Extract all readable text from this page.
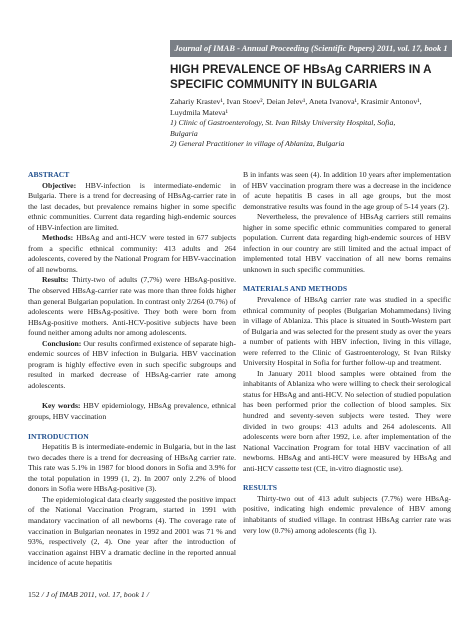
Journal of IMAB - Annual Proceeding (Scientific Papers) 2011, vol. 17, book 1
HIGH PREVALENCE OF HBsAg CARRIERS IN A
SPECIFIC COMMUNITY IN BULGARIA
Zahariy Krastev¹, Ivan Stoev², Deian Jelev¹, Aneta Ivanova¹, Krasimir Antonov¹,
Luydmila Mateva¹
1) Clinic of Gastroenterology, St. Ivan Rilsky University Hospital, Sofia,
Bulgaria
2) General Practitioner in village of Ablaniza, Bulgaria

ABSTRACT

Objective: HBV-infection is intermediate-endemic in Bulgaria. There is a trend for decreasing of HBsAg-carrier rate in the last decades, but prevalence remains higher in some specific ethnic communities. Current data regarding high-endemic sources of HBV-infection are limited.

Methods: HBsAg and anti-HCV were tested in 677 subjects from a specific ethnical community: 413 adults and 264 adolescents, covered by the National Program for HBV-vaccination of all newborns.

Results: Thirty-two of adults (7,7%) were HBsAg-positive. The observed HBsAg-carrier rate was more than three folds higher than general Bulgarian population. In contrast only 2/264 (0.7%) of adolescents were HBsAg-positive. They both were born from HBsAg-positive mothers. Anti-HCV-positive subjects have been found neither among adults nor among adolescents.

Conclusion: Our results confirmed existence of separate high-endemic sources of HBV infection in Bulgaria. HBV vaccination program is highly effective even in such specific subgroups and resulted in marked decrease of HBsAg-carrier rate among adolescents.

Key words: HBV epidemiology, HBsAg prevalence, ethnical groups, HBV vaccination

INTRODUCTION

Hepatitis B is intermediate-endemic in Bulgaria, but in the last two decades there is a trend for decreasing of HBsAg carrier rate. This rate was 5.1% in 1987 for blood donors in Sofia and 3.9% for the total population in 1999 (1, 2). In 2007 only 2.2% of blood donors in Sofia were HBsAg-positive (3).

The epidemiological data clearly suggested the positive impact of the National Vaccination Program, started in 1991 with mandatory vaccination of all newborns (4). The coverage rate of vaccination in Bulgarian neonates in 1992 and 2001 was 71 % and 93%, respectively (2, 4). One year after the introduction of vaccination against HBV a dramatic decline in the reported annual incidence of acute hepatitis

B in infants was seen (4). In addition 10 years after implementation of HBV vaccination program there was a decrease in the incidence of acute hepatitis B cases in all age groups, but the most demonstrative results was found in the age group of 5-14 years (2).

Nevertheless, the prevalence of HBsAg carriers still remains higher in some specific ethnic communities compared to general population. Current data regarding high-endemic sources of HBV infection in our country are still limited and the actual impact of implemented total HBV vaccination of all new borns remains unknown in such specific communities.

MATERIALS AND METHODS

Prevalence of HBsAg carrier rate was studied in a specific ethnical community of peoples (Bulgarian Mohammedans) living in village of Ablaniza. This place is situated in South-Western part of Bulgaria and was selected for the present study as over the years a number of patients with HBV infection, living in this village, were referred to the Clinic of Gastroenterology, St Ivan Rilsky University Hospital in Sofia for further follow-up and treatment.

In January 2011 blood samples were obtained from the inhabitants of Ablaniza who were willing to check their serological status for HBsAg and anti-HCV. No selection of studied population has been performed prior the collection of blood samples. Six hundred and seventy-seven subjects were tested. They were divided in two groups: 413 adults and 264 adolescents. All adolescents were born after 1992, i.e. after implementation of the National Vaccination Program for total HBV vaccination of all newborns. HBsAg and anti-HCV were measured by HBsAg and anti-HCV cassette test (CE, in-vitro diagnostic use).

RESULTS

Thirty-two out of 413 adult subjects (7.7%) were HBsAg-positive, indicating high endemic prevalence of HBV among inhabitants of studied village. In contrast HBsAg carrier rate was very low (0.7%) among adolescents (fig 1).

152 / J of IMAB 2011, vol. 17, book 1 /
